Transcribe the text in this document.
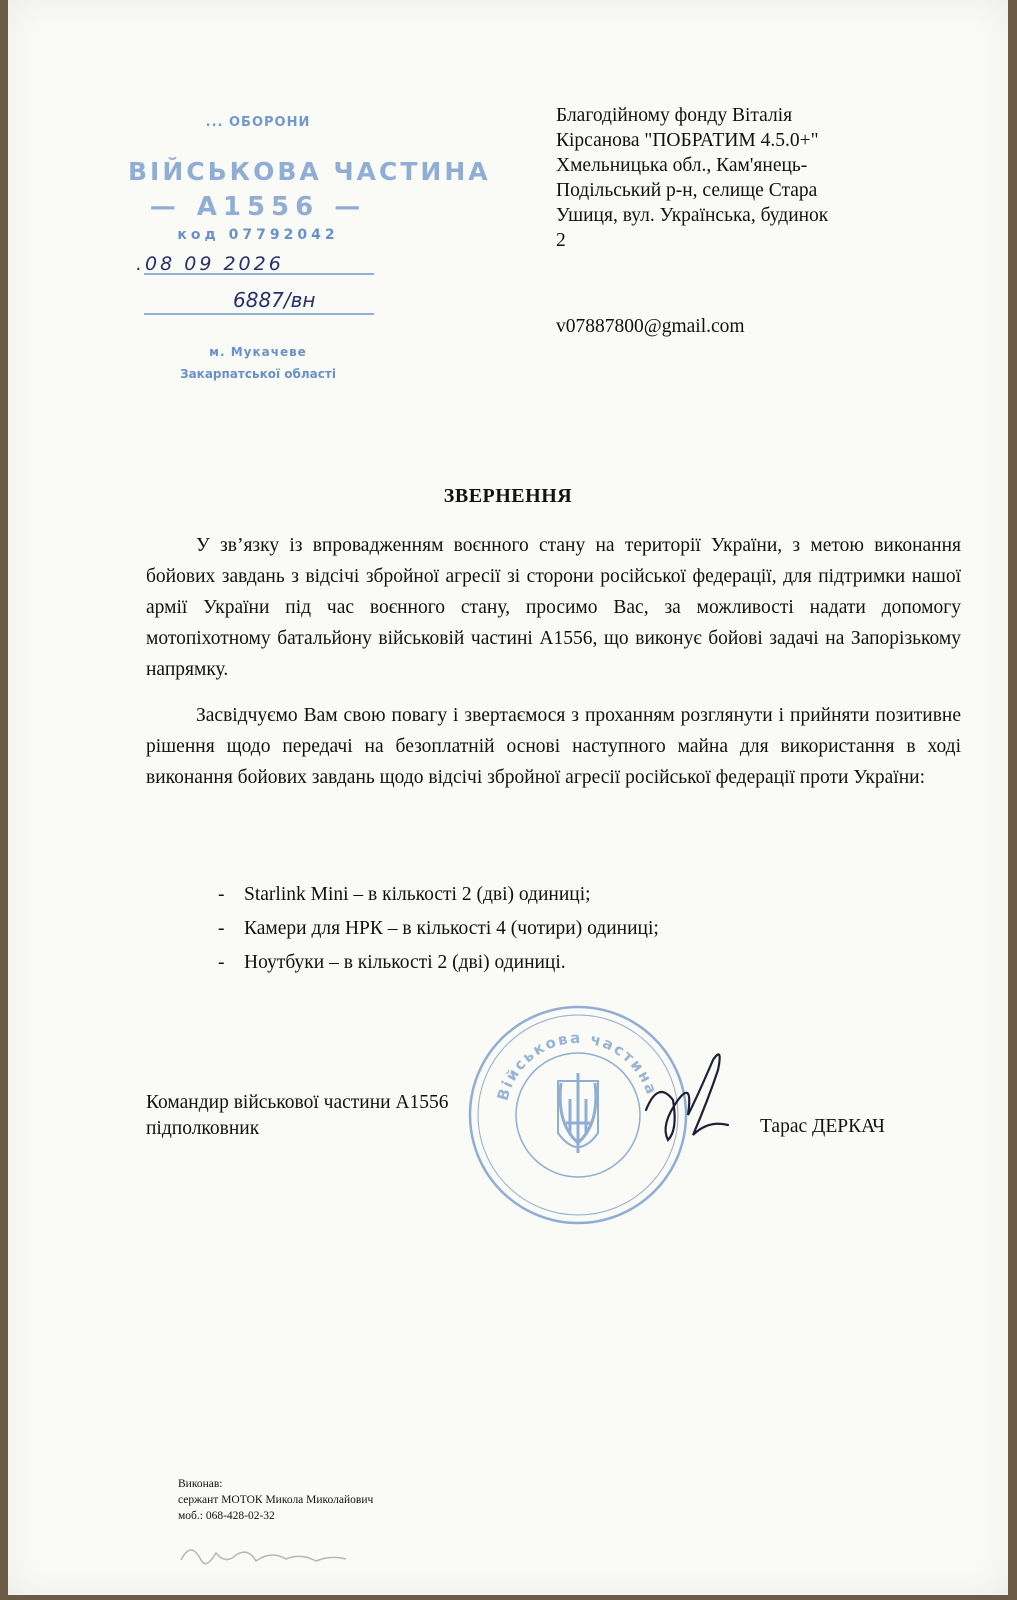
... ОБОРОНИ
ВІЙСЬКОВА ЧАСТИНА
— А1556 —
код 07792042
м. Мукачеве
Закарпатської області
.08 09 2026
6887/вн
Благодійному фонду Віталія
Кірсанова "ПОБРАТИМ 4.5.0+"
Хмельницька обл., Кам'янець-
Подільський р-н, селище Стара
Ушиця, вул. Українська, будинок
2
v07887800@gmail.com
ЗВЕРНЕННЯ
У зв’язку із впровадженням воєнного стану на території України, з метою виконання бойових завдань з відсічі збройної агресії зі сторони російської федерації, для підтримки нашої армії України під час воєнного стану, просимо Вас, за можливості надати допомогу мотопіхотному батальйону військовій частині А1556, що виконує бойові задачі на Запорізькому напрямку.
Засвідчуємо Вам свою повагу і звертаємося з проханням розглянути і прийняти позитивне рішення щодо передачі на безоплатній основі наступного майна для використання в ході виконання бойових завдань щодо відсічі збройної агресії російської федерації проти України:
- Starlink Mini – в кількості 2 (дві) одиниці;
- Камери для НРК – в кількості 4 (чотири) одиниці;
- Ноутбуки – в кількості 2 (дві) одиниці.
Військова частина
Командир військової частини А1556
підполковник	Тарас ДЕРКАЧ
Виконав:
сержант МОТОК Микола Миколайович
моб.: 068-428-02-32
